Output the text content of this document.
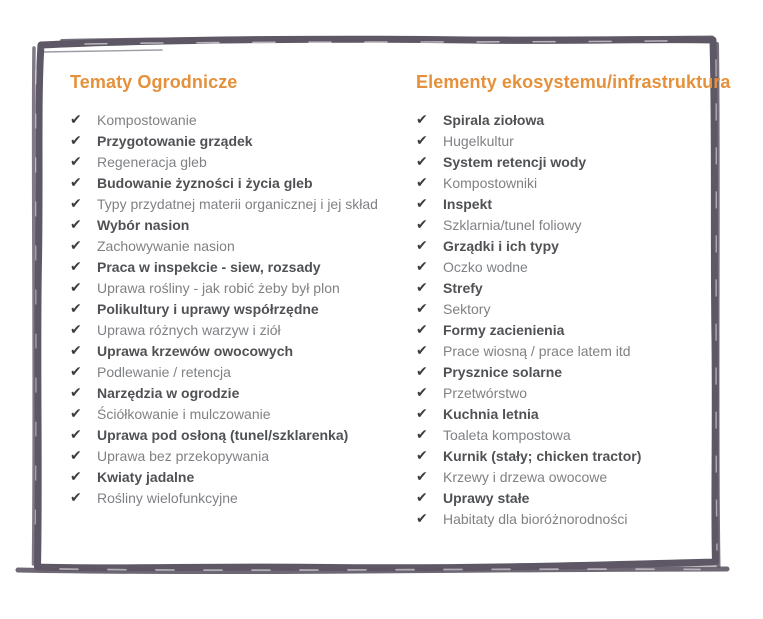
Tematy Ogrodnicze
✔	Kompostowanie
✔	Przygotowanie grządek
✔	Regeneracja gleb
✔	Budowanie żyzności i życia gleb
✔	Typy przydatnej materii organicznej i jej skład
✔	Wybór nasion
✔	Zachowywanie nasion
✔	Praca w inspekcie - siew, rozsady
✔	Uprawa rośliny - jak robić żeby był plon
✔	Polikultury i uprawy współrzędne
✔	Uprawa różnych warzyw i ziół
✔	Uprawa krzewów owocowych
✔	Podlewanie / retencja
✔	Narzędzia w ogrodzie
✔	Ściółkowanie i mulczowanie
✔	Uprawa pod osłoną (tunel/szklarenka)
✔	Uprawa bez przekopywania
✔	Kwiaty jadalne
✔	Rośliny wielofunkcyjne
Elementy ekosystemu/infrastruktura
✔	Spirala ziołowa
✔	Hugelkultur
✔	System retencji wody
✔	Kompostowniki
✔	Inspekt
✔	Szklarnia/tunel foliowy
✔	Grządki i ich typy
✔	Oczko wodne
✔	Strefy
✔	Sektory
✔	Formy zacienienia
✔	Prace wiosną / prace latem itd
✔	Prysznice solarne
✔	Przetwórstwo
✔	Kuchnia letnia
✔	Toaleta kompostowa
✔	Kurnik (stały; chicken tractor)
✔	Krzewy i drzewa owocowe
✔	Uprawy stałe
✔	Habitaty dla bioróżnorodności
